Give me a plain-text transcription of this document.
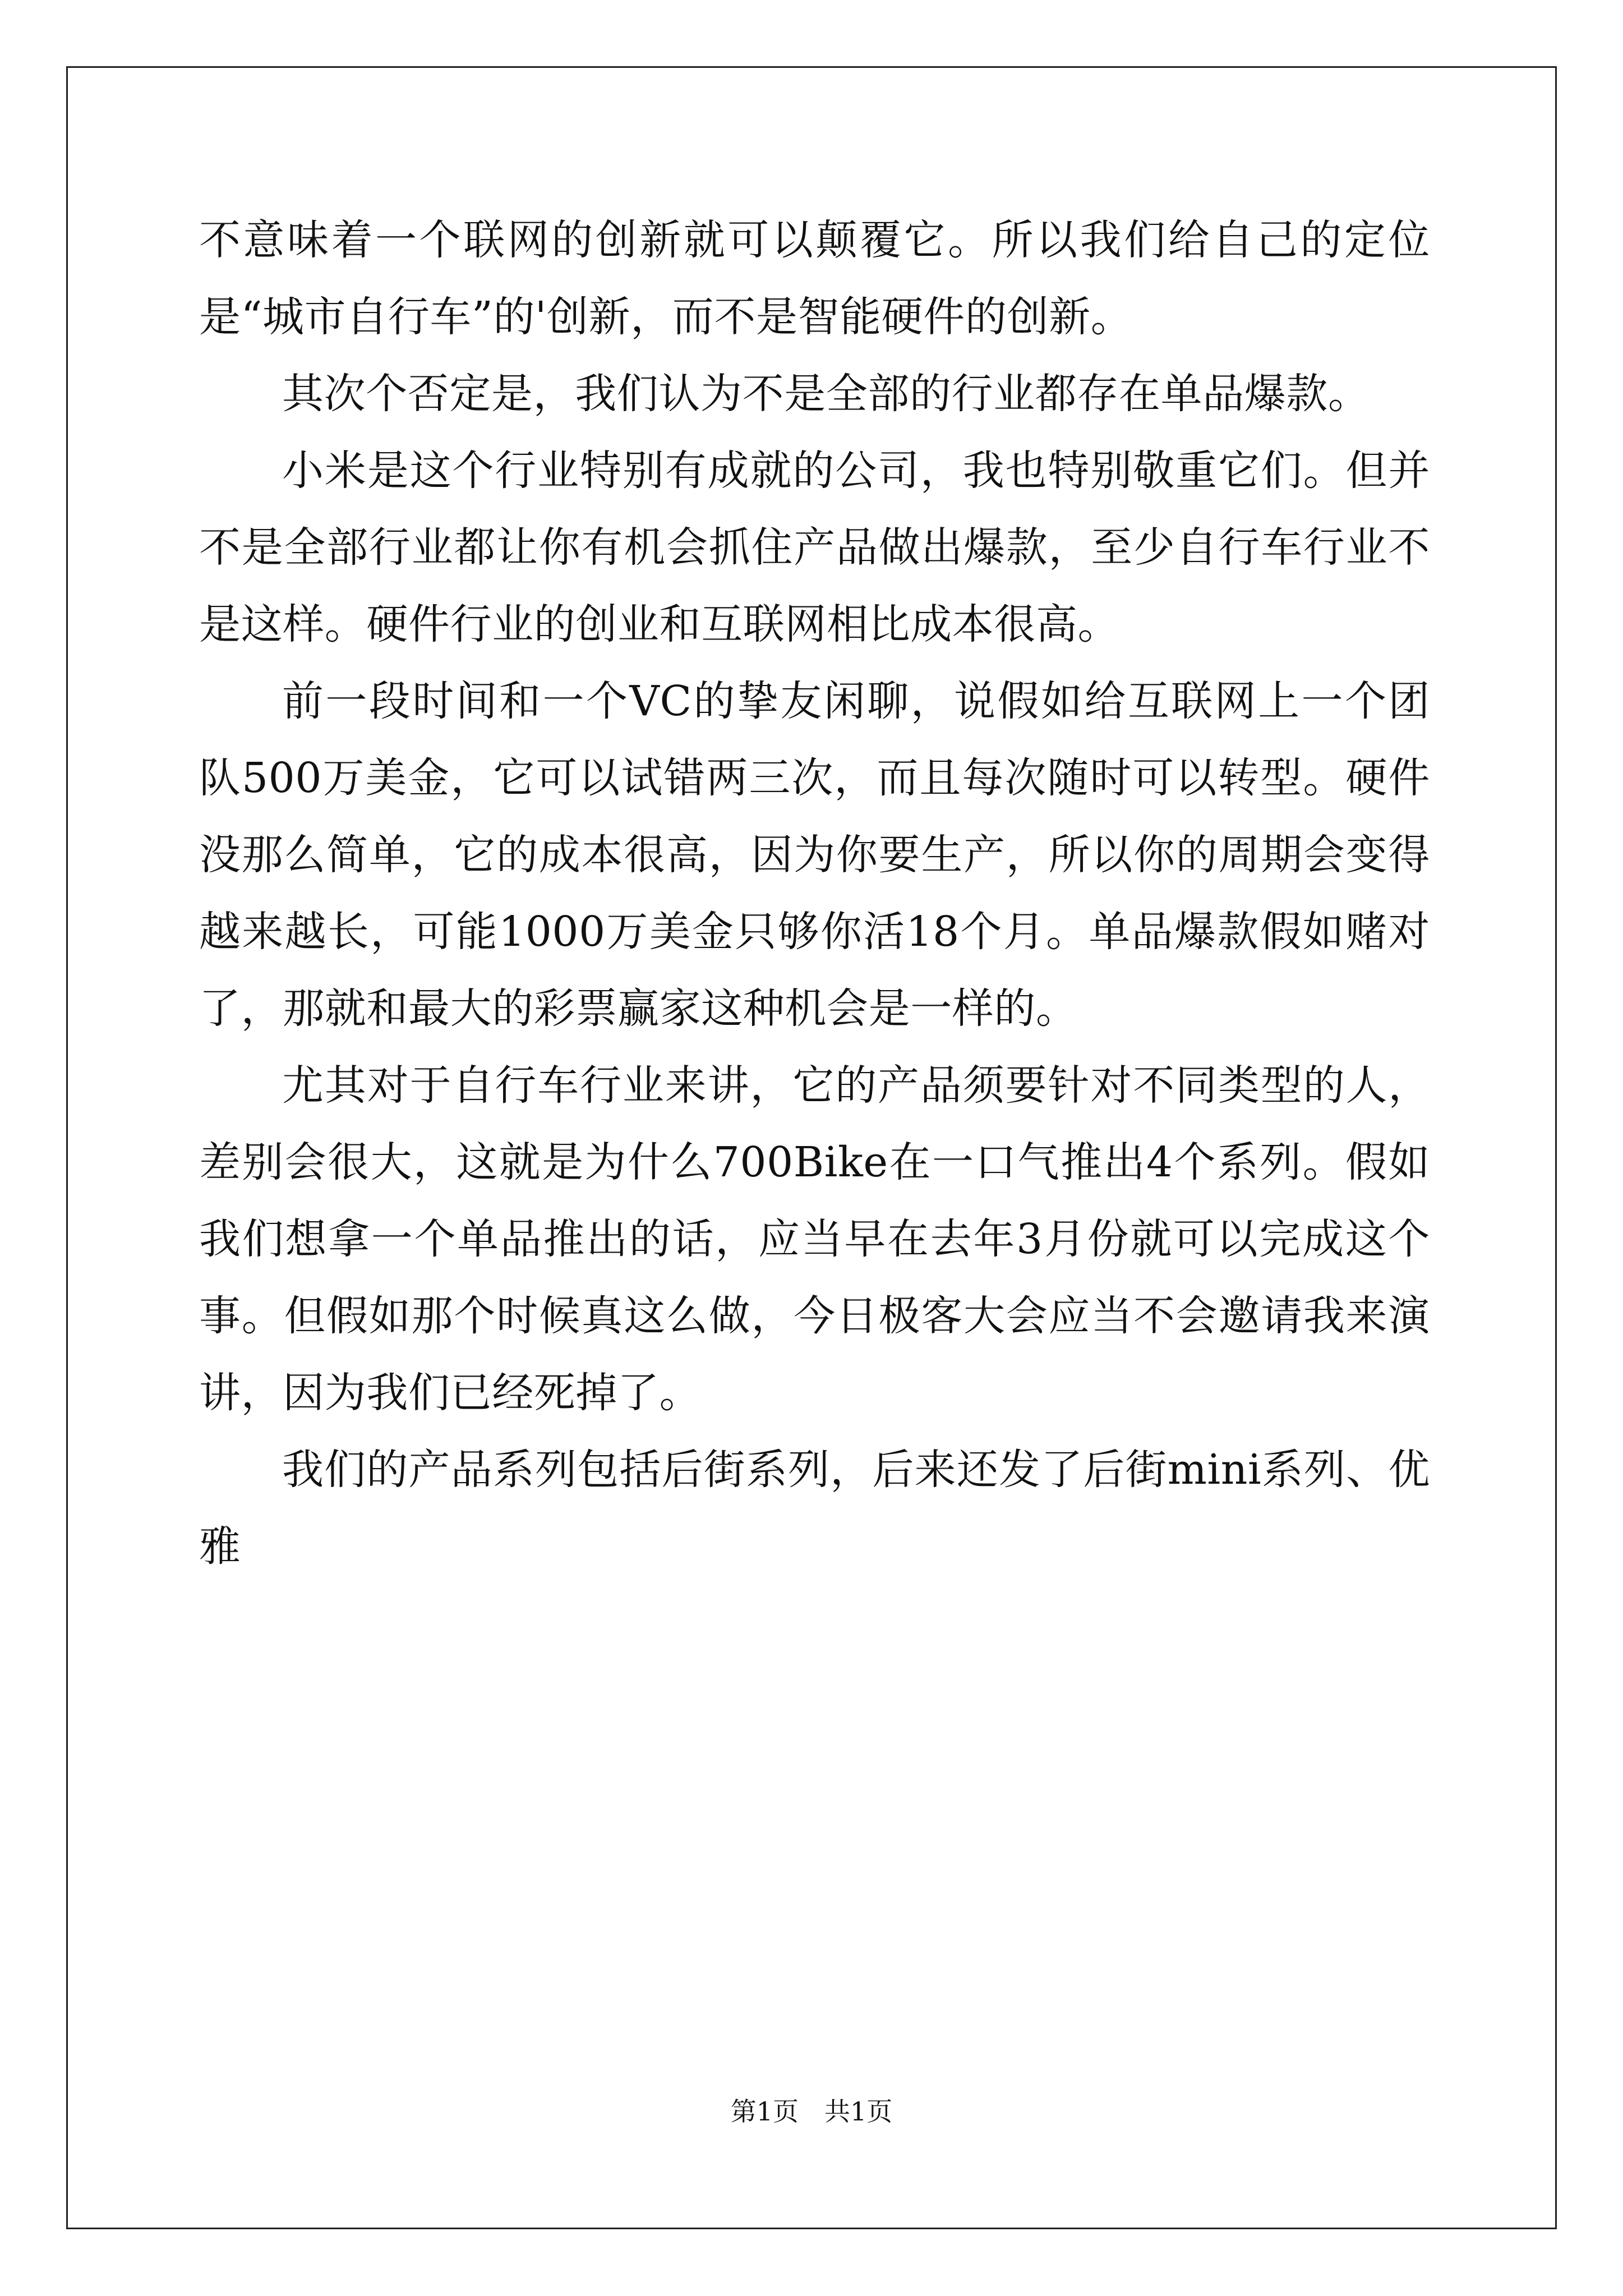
不意味着一个联网的创新就可以颠覆它。所以我们给自己的定位是“城市自行车”的'创新，而不是智能硬件的创新。

其次个否定是，我们认为不是全部的行业都存在单品爆款。

小米是这个行业特别有成就的公司，我也特别敬重它们。但并不是全部行业都让你有机会抓住产品做出爆款，至少自行车行业不是这样。硬件行业的创业和互联网相比成本很高。

前一段时间和一个VC的挚友闲聊，说假如给互联网上一个团队500万美金，它可以试错两三次，而且每次随时可以转型。硬件没那么简单，它的成本很高，因为你要生产，所以你的周期会变得越来越长，可能1000万美金只够你活18个月。单品爆款假如赌对了，那就和最大的彩票赢家这种机会是一样的。

尤其对于自行车行业来讲，它的产品须要针对不同类型的人，差别会很大，这就是为什么700Bike在一口气推出4个系列。假如我们想拿一个单品推出的话，应当早在去年3月份就可以完成这个事。但假如那个时候真这么做，今日极客大会应当不会邀请我来演讲，因为我们已经死掉了。

我们的产品系列包括后街系列，后来还发了后街mini系列、优雅

第1页　共1页
